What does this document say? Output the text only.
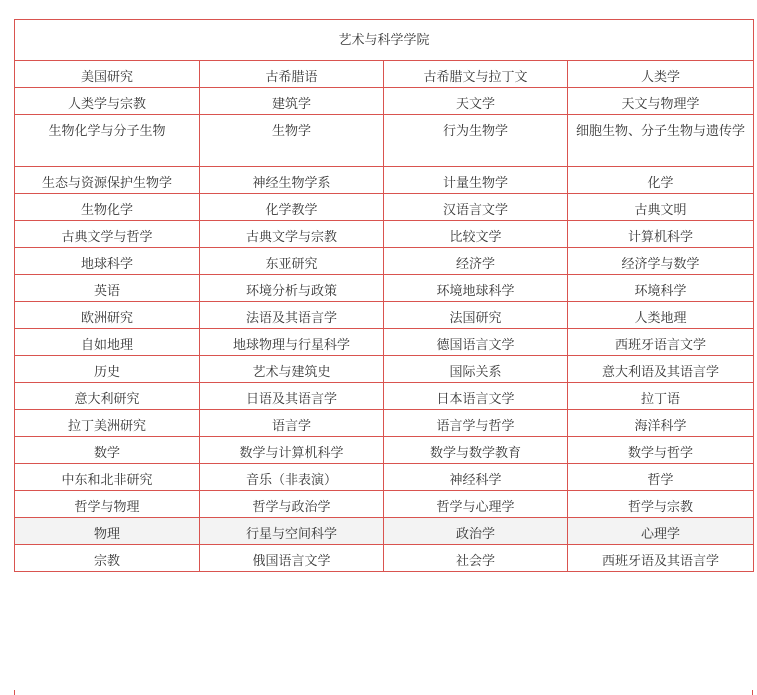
艺术与科学学院			
美国研究	古希腊语	古希腊文与拉丁文	人类学
人类学与宗教	建筑学	天文学	天文与物理学
生物化学与分子生物	生物学	行为生物学	细胞生物、分子生物与遗传学
生态与资源保护生物学	神经生物学系	计量生物学	化学
生物化学	化学教学	汉语言文学	古典文明
古典文学与哲学	古典文学与宗教	比较文学	计算机科学
地球科学	东亚研究	经济学	经济学与数学
英语	环境分析与政策	环境地球科学	环境科学
欧洲研究	法语及其语言学	法国研究	人类地理
自如地理	地球物理与行星科学	德国语言文学	西班牙语言文学
历史	艺术与建筑史	国际关系	意大利语及其语言学
意大利研究	日语及其语言学	日本语言文学	拉丁语
拉丁美洲研究	语言学	语言学与哲学	海洋科学
数学	数学与计算机科学	数学与数学教育	数学与哲学
中东和北非研究	音乐（非表演）	神经科学	哲学
哲学与物理	哲学与政治学	哲学与心理学	哲学与宗教
物理	行星与空间科学	政治学	心理学
宗教	俄国语言文学	社会学	西班牙语及其语言学
